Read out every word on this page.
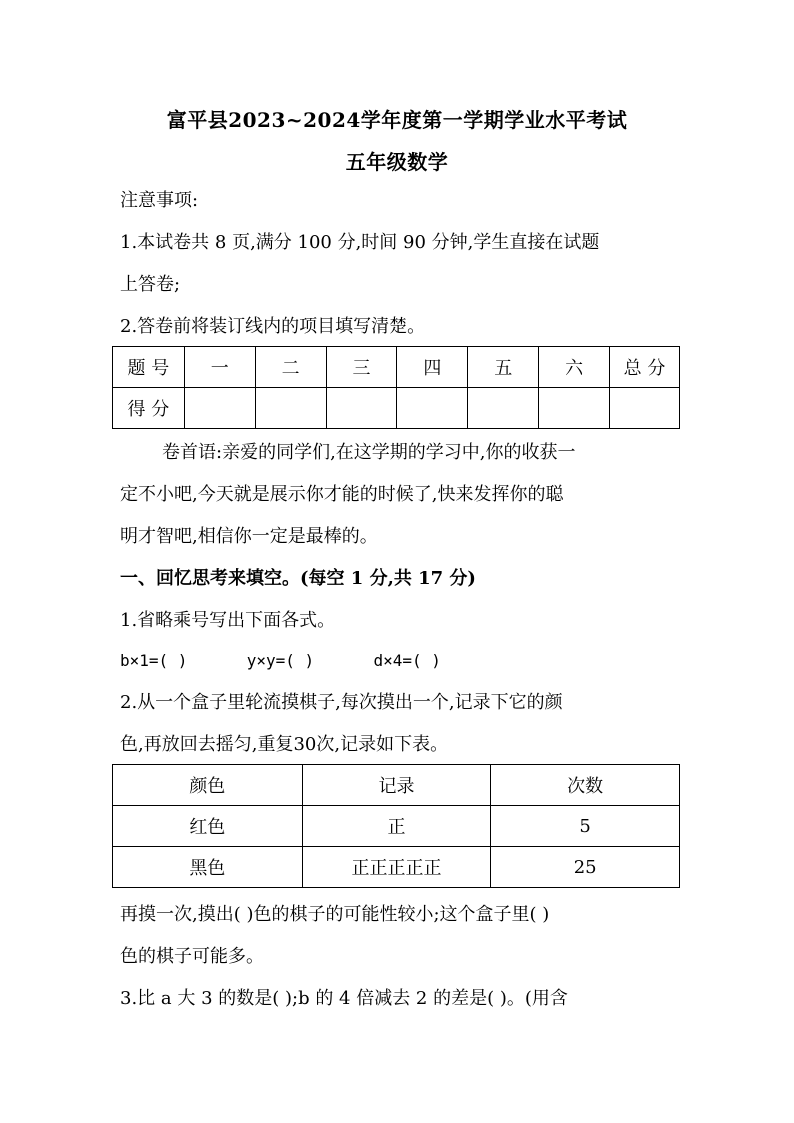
富平县2023~2024学年度第一学期学业水平考试
五年级数学
注意事项:
1.本试卷共 8 页,满分 100 分,时间 90 分钟,学生直接在试题
上答卷;
2.答卷前将装订线内的项目填写清楚。
题 号	一	二	三	四	五	六	总 分
得 分							
卷首语:亲爱的同学们,在这学期的学习中,你的收获一
定不小吧,今天就是展示你才能的时候了,快来发挥你的聪
明才智吧,相信你一定是最棒的。
一、回忆思考来填空。(每空 1 分,共 17 分)
1.省略乘号写出下面各式。
b×1=( )	y×y=( )	d×4=( )
2.从一个盒子里轮流摸棋子,每次摸出一个,记录下它的颜
色,再放回去摇匀,重复30次,记录如下表。
颜色	记录	次数
红色	正	5
黑色	正正正正正	25
再摸一次,摸出( )色的棋子的可能性较小;这个盒子里( )
色的棋子可能多。
3.比 a 大 3 的数是( );b 的 4 倍减去 2 的差是( )。(用含
